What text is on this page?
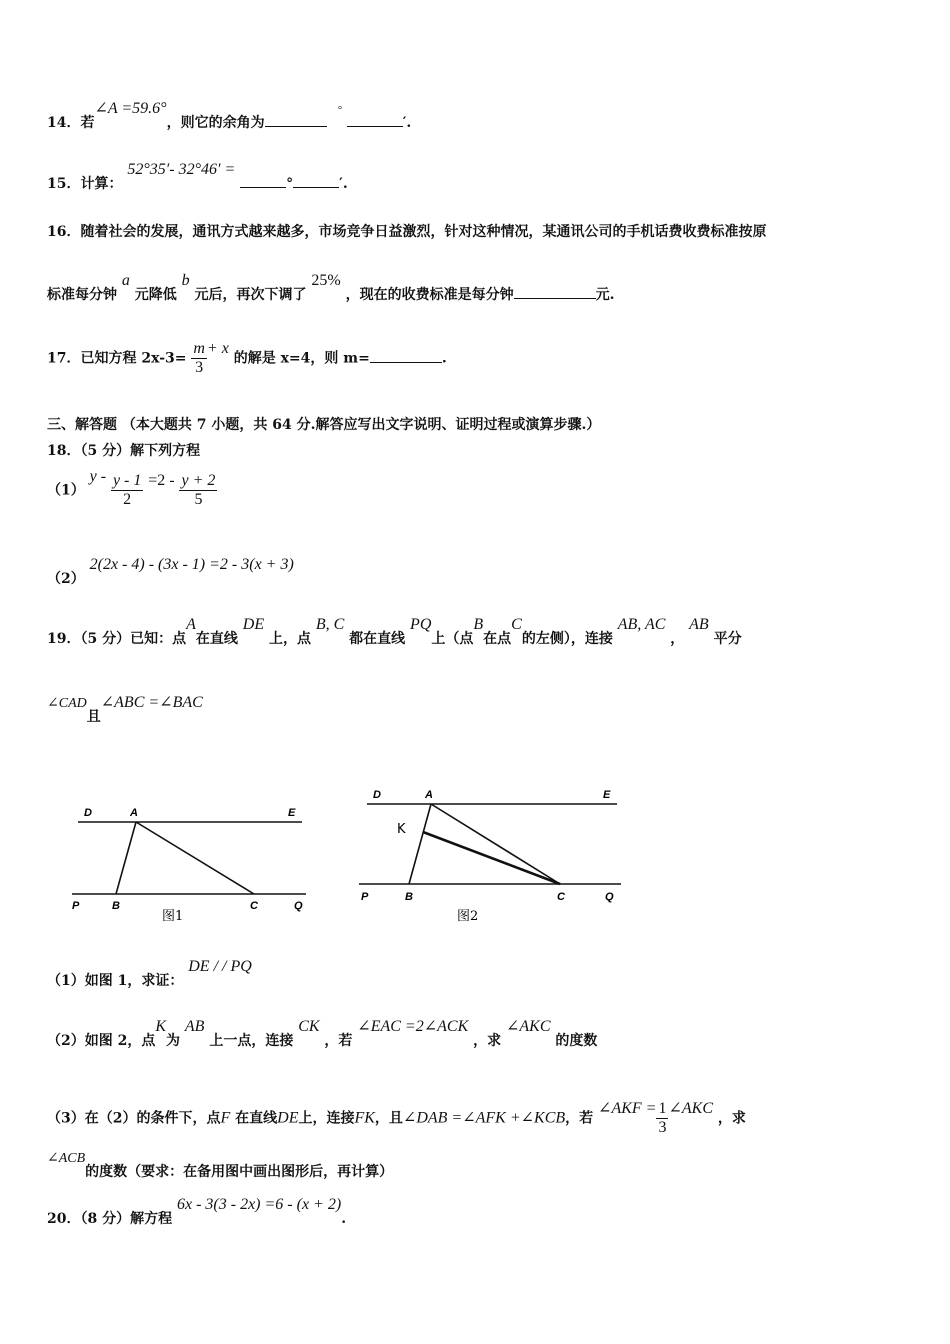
14．若∠A =59.6°，则它的余角为 ° ′.
15．计算： 52°35′- 32°46′ = °	′.
16．随着社会的发展，通讯方式越来越多，市场竞争日益激烈，针对这种情况，某通讯公司的手机话费收费标准按原
标准每分钟 a 元降低 b 元后，再次下调了 25% ，现在的收费标准是每分钟	元.
17．已知方程 $2x-3= \frac{m}{3} + x$ 的解是 x=4，则 m=	.
三、解答题 （本大题共 7 小题，共 64 分.解答应写出文字说明、证明过程或演算步骤.）
18．（5 分）解下列方程
（1） $y - \frac{y - 1}{2} =2 - \frac{y + 2}{5}$
（2） 2(2x - 4) - (3x - 1) =2 - 3(x + 3)
19．（5 分）已知：点A在直线 DE 上，点 B, C 都在直线 PQ上（点B在点C的左侧），连接 AB, AC ， AB 平分
∠CAD且∠ABC =∠BAC
D	A	E
P	B	C	Q
图1
D	A	E
K
P	B	C	Q
图2
（1）如图 1，求证： DE / / PQ
（2）如图 2，点K为 AB 上一点，连接 CK ，若 ∠EAC =2∠ACK ，求 ∠AKC 的度数
（3）在（2）的条件下，点F 在直线DE上，连接FK，且∠DAB =∠AFK +∠KCB，若 ∠AKF = $\frac{1}{3}$ ∠AKC ，求
∠ACB的度数（要求：在备用图中画出图形后，再计算）
20．（8 分）解方程 6x - 3(3 - 2x) =6 - (x + 2).
